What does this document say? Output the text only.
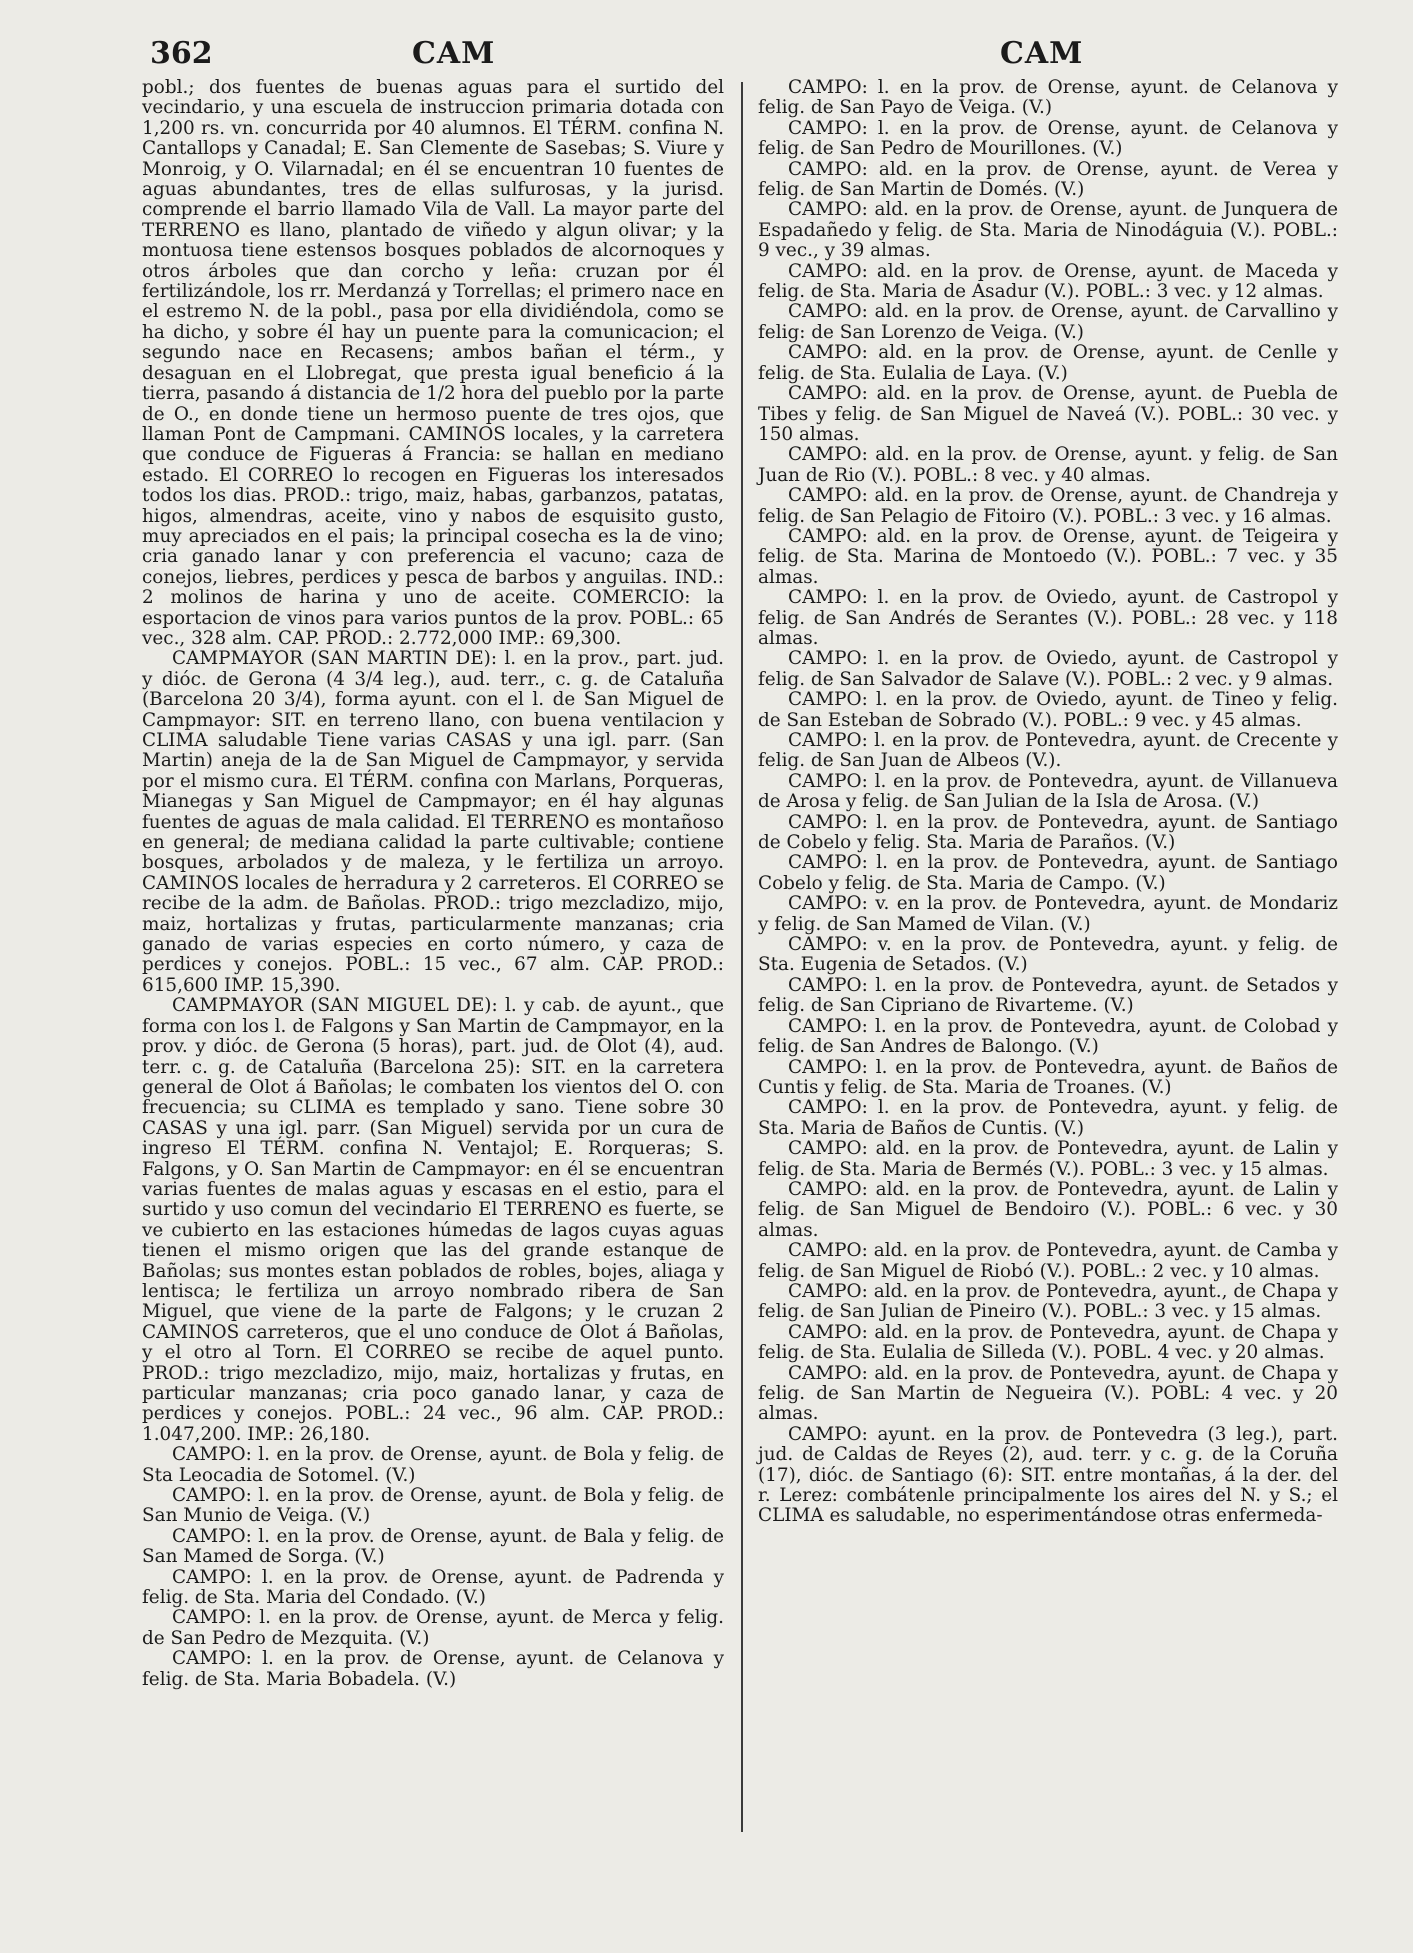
362	CAM	CAM

pobl.; dos fuentes de buenas aguas para el surtido del vecindario, y una escuela de instruccion primaria dotada con 1,200 rs. vn. concurrida por 40 alumnos. El TÉRM. confina N. Cantallops y Canadal; E. San Clemente de Sasebas; S. Viure y Monroig, y O. Vilarnadal; en él se encuentran 10 fuentes de aguas abundantes, tres de ellas sulfurosas, y la jurisd. comprende el barrio llamado Vila de Vall. La mayor parte del TERRENO es llano, plantado de viñedo y algun olivar; y la montuosa tiene estensos bosques poblados de alcornoques y otros árboles que dan corcho y leña: cruzan por él fertilizándole, los rr. Merdanzá y Torrellas; el primero nace en el estremo N. de la pobl., pasa por ella dividiéndola, como se ha dicho, y sobre él hay un puente para la comunicacion; el segundo nace en Recasens; ambos bañan el térm., y desaguan en el Llobregat, que presta igual beneficio á la tierra, pasando á distancia de 1/2 hora del pueblo por la parte de O., en donde tiene un hermoso puente de tres ojos, que llaman Pont de Campmani. CAMINOS locales, y la carretera que conduce de Figueras á Francia: se hallan en mediano estado. El CORREO lo recogen en Figueras los interesados todos los dias. PROD.: trigo, maiz, habas, garbanzos, patatas, higos, almendras, aceite, vino y nabos de esquisito gusto, muy apreciados en el pais; la principal cosecha es la de vino; cria ganado lanar y con preferencia el vacuno; caza de conejos, liebres, perdices y pesca de barbos y anguilas. IND.: 2 molinos de harina y uno de aceite. COMERCIO: la esportacion de vinos para varios puntos de la prov. POBL.: 65 vec., 328 alm. CAP. PROD.: 2.772,000 IMP.: 69,300.

CAMPMAYOR (SAN MARTIN DE): l. en la prov., part. jud. y dióc. de Gerona (4 3/4 leg.), aud. terr., c. g. de Cataluña (Barcelona 20 3/4), forma ayunt. con el l. de San Miguel de Campmayor: SIT. en terreno llano, con buena ventilacion y CLIMA saludable Tiene varias CASAS y una igl. parr. (San Martin) aneja de la de San Miguel de Campmayor, y servida por el mismo cura. El TÉRM. confina con Marlans, Porqueras, Mianegas y San Miguel de Campmayor; en él hay algunas fuentes de aguas de mala calidad. El TERRENO es montañoso en general; de mediana calidad la parte cultivable; contiene bosques, arbolados y de maleza, y le fertiliza un arroyo. CAMINOS locales de herradura y 2 carreteros. El CORREO se recibe de la adm. de Bañolas. PROD.: trigo mezcladizo, mijo, maiz, hortalizas y frutas, particularmente manzanas; cria ganado de varias especies en corto número, y caza de perdices y conejos. POBL.: 15 vec., 67 alm. CAP. PROD.: 615,600 IMP. 15,390.

CAMPMAYOR (SAN MIGUEL DE): l. y cab. de ayunt., que forma con los l. de Falgons y San Martin de Campmayor, en la prov. y dióc. de Gerona (5 horas), part. jud. de Olot (4), aud. terr. c. g. de Cataluña (Barcelona 25): SIT. en la carretera general de Olot á Bañolas; le combaten los vientos del O. con frecuencia; su CLIMA es templado y sano. Tiene sobre 30 CASAS y una igl. parr. (San Miguel) servida por un cura de ingreso El TÉRM. confina N. Ventajol; E. Rorqueras; S. Falgons, y O. San Martin de Campmayor: en él se encuentran varias fuentes de malas aguas y escasas en el estio, para el surtido y uso comun del vecindario El TERRENO es fuerte, se ve cubierto en las estaciones húmedas de lagos cuyas aguas tienen el mismo origen que las del grande estanque de Bañolas; sus montes estan poblados de robles, bojes, aliaga y lentisca; le fertiliza un arroyo nombrado ribera de San Miguel, que viene de la parte de Falgons; y le cruzan 2 CAMINOS carreteros, que el uno conduce de Olot á Bañolas, y el otro al Torn. El CORREO se recibe de aquel punto. PROD.: trigo mezcladizo, mijo, maiz, hortalizas y frutas, en particular manzanas; cria poco ganado lanar, y caza de perdices y conejos. POBL.: 24 vec., 96 alm. CAP. PROD.: 1.047,200. IMP.: 26,180.

CAMPO: l. en la prov. de Orense, ayunt. de Bola y felig. de Sta Leocadia de Sotomel. (V.)

CAMPO: l. en la prov. de Orense, ayunt. de Bola y felig. de San Munio de Veiga. (V.)

CAMPO: l. en la prov. de Orense, ayunt. de Bala y felig. de San Mamed de Sorga. (V.)

CAMPO: l. en la prov. de Orense, ayunt. de Padrenda y felig. de Sta. Maria del Condado. (V.)

CAMPO: l. en la prov. de Orense, ayunt. de Merca y felig. de San Pedro de Mezquita. (V.)

CAMPO: l. en la prov. de Orense, ayunt. de Celanova y felig. de Sta. Maria Bobadela. (V.)

CAMPO: l. en la prov. de Orense, ayunt. de Celanova y felig. de San Payo de Veiga. (V.)

CAMPO: l. en la prov. de Orense, ayunt. de Celanova y felig. de San Pedro de Mourillones. (V.)

CAMPO: ald. en la prov. de Orense, ayunt. de Verea y felig. de San Martin de Domés. (V.)

CAMPO: ald. en la prov. de Orense, ayunt. de Junquera de Espadañedo y felig. de Sta. Maria de Ninodáguia (V.). POBL.: 9 vec., y 39 almas.

CAMPO: ald. en la prov. de Orense, ayunt. de Maceda y felig. de Sta. Maria de Asadur (V.). POBL.: 3 vec. y 12 almas.

CAMPO: ald. en la prov. de Orense, ayunt. de Carvallino y felig: de San Lorenzo de Veiga. (V.)

CAMPO: ald. en la prov. de Orense, ayunt. de Cenlle y felig. de Sta. Eulalia de Laya. (V.)

CAMPO: ald. en la prov. de Orense, ayunt. de Puebla de Tibes y felig. de San Miguel de Naveá (V.). POBL.: 30 vec. y 150 almas.

CAMPO: ald. en la prov. de Orense, ayunt. y felig. de San Juan de Rio (V.). POBL.: 8 vec. y 40 almas.

CAMPO: ald. en la prov. de Orense, ayunt. de Chandreja y felig. de San Pelagio de Fitoiro (V.). POBL.: 3 vec. y 16 almas.

CAMPO: ald. en la prov. de Orense, ayunt. de Teigeira y felig. de Sta. Marina de Montoedo (V.). POBL.: 7 vec. y 35 almas.

CAMPO: l. en la prov. de Oviedo, ayunt. de Castropol y felig. de San Andrés de Serantes (V.). POBL.: 28 vec. y 118 almas.

CAMPO: l. en la prov. de Oviedo, ayunt. de Castropol y felig. de San Salvador de Salave (V.). POBL.: 2 vec. y 9 almas.

CAMPO: l. en la prov. de Oviedo, ayunt. de Tineo y felig. de San Esteban de Sobrado (V.). POBL.: 9 vec. y 45 almas.

CAMPO: l. en la prov. de Pontevedra, ayunt. de Crecente y felig. de San Juan de Albeos (V.).

CAMPO: l. en la prov. de Pontevedra, ayunt. de Villanueva de Arosa y felig. de San Julian de la Isla de Arosa. (V.)

CAMPO: l. en la prov. de Pontevedra, ayunt. de Santiago de Cobelo y felig. Sta. Maria de Paraños. (V.)

CAMPO: l. en la prov. de Pontevedra, ayunt. de Santiago Cobelo y felig. de Sta. Maria de Campo. (V.)

CAMPO: v. en la prov. de Pontevedra, ayunt. de Mondariz y felig. de San Mamed de Vilan. (V.)

CAMPO: v. en la prov. de Pontevedra, ayunt. y felig. de Sta. Eugenia de Setados. (V.)

CAMPO: l. en la prov. de Pontevedra, ayunt. de Setados y felig. de San Cipriano de Rivarteme. (V.)

CAMPO: l. en la prov. de Pontevedra, ayunt. de Colobad y felig. de San Andres de Balongo. (V.)

CAMPO: l. en la prov. de Pontevedra, ayunt. de Baños de Cuntis y felig. de Sta. Maria de Troanes. (V.)

CAMPO: l. en la prov. de Pontevedra, ayunt. y felig. de Sta. Maria de Baños de Cuntis. (V.)

CAMPO: ald. en la prov. de Pontevedra, ayunt. de Lalin y felig. de Sta. Maria de Bermés (V.). POBL.: 3 vec. y 15 almas.

CAMPO: ald. en la prov. de Pontevedra, ayunt. de Lalin y felig. de San Miguel de Bendoiro (V.). POBL.: 6 vec. y 30 almas.

CAMPO: ald. en la prov. de Pontevedra, ayunt. de Camba y felig. de San Miguel de Riobó (V.). POBL.: 2 vec. y 10 almas.

CAMPO: ald. en la prov. de Pontevedra, ayunt., de Chapa y felig. de San Julian de Pineiro (V.). POBL.: 3 vec. y 15 almas.

CAMPO: ald. en la prov. de Pontevedra, ayunt. de Chapa y felig. de Sta. Eulalia de Silleda (V.). POBL. 4 vec. y 20 almas.

CAMPO: ald. en la prov. de Pontevedra, ayunt. de Chapa y felig. de San Martin de Negueira (V.). POBL: 4 vec. y 20 almas.

CAMPO: ayunt. en la prov. de Pontevedra (3 leg.), part. jud. de Caldas de Reyes (2), aud. terr. y c. g. de la Coruña (17), dióc. de Santiago (6): SIT. entre montañas, á la der. del r. Lerez: combátenle principalmente los aires del N. y S.; el CLIMA es saludable, no esperimentándose otras enfermeda-
